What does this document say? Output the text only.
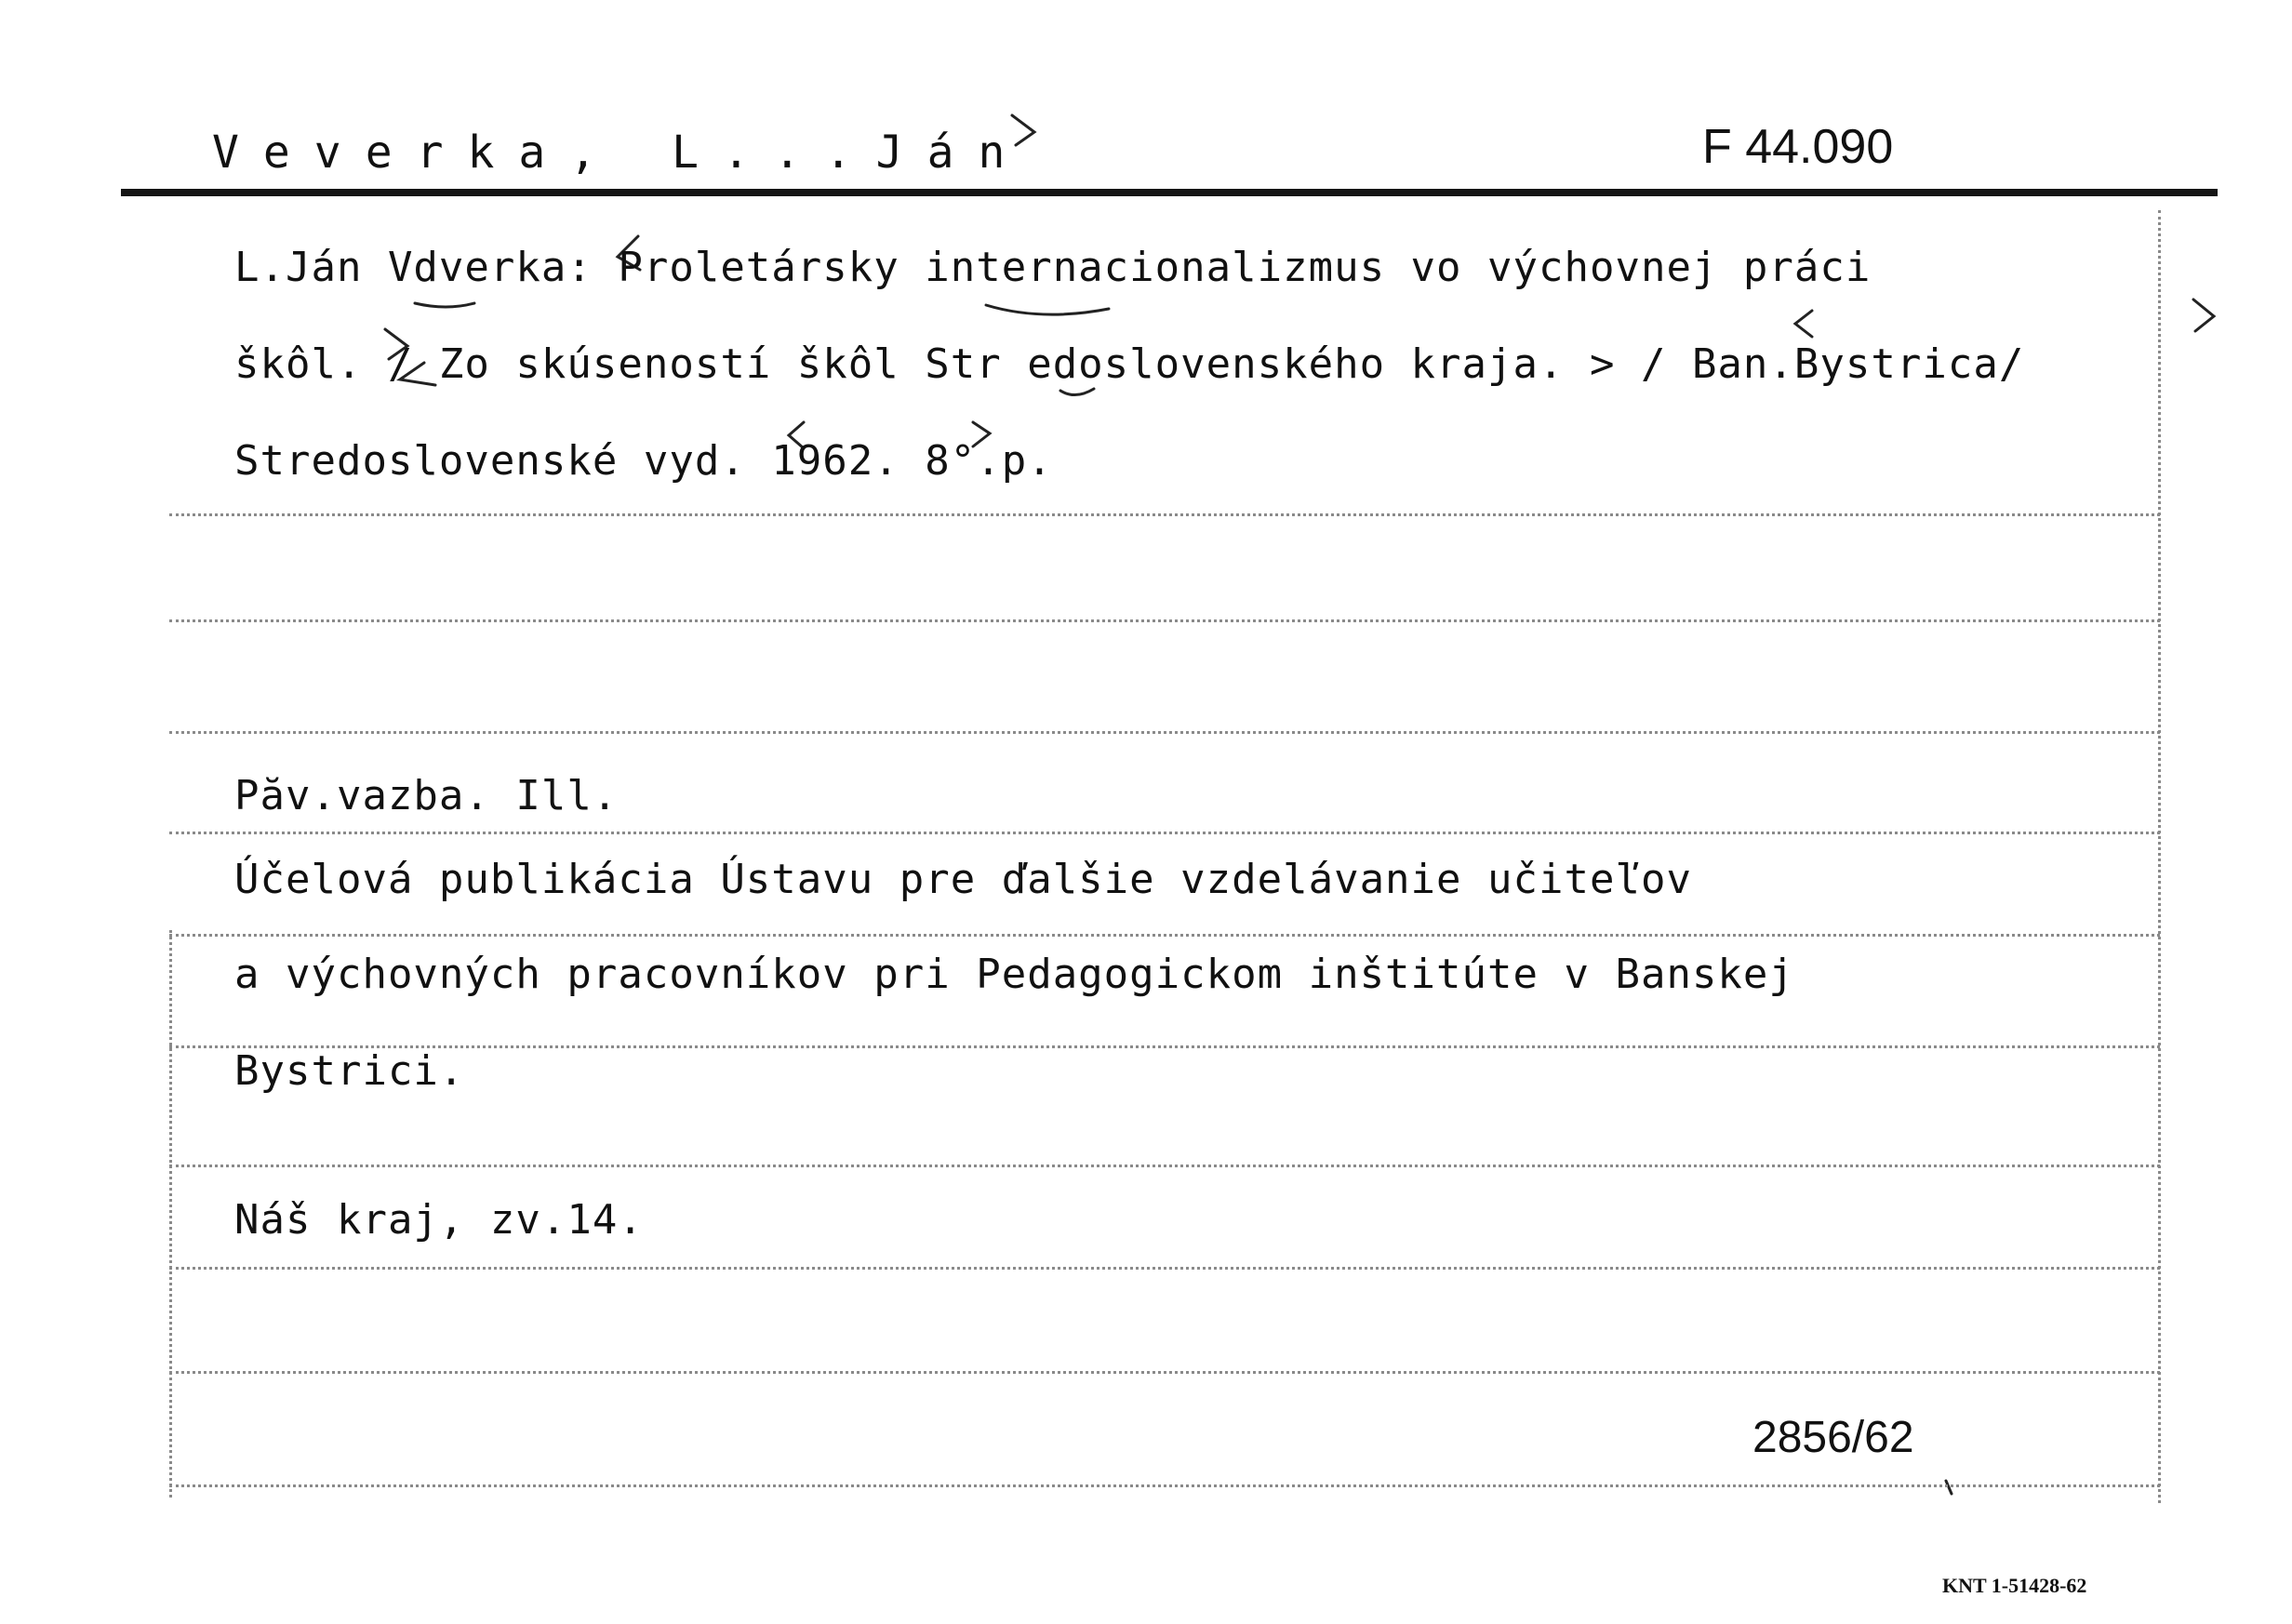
Veverka, L...Ján	F 44.090
L.Ján Vdverka: Proletársky internacionalizmus vo výchovnej práci
škôl. / Zo skúseností škôl Str edoslovenského kraja. > / Ban.Bystrica/
Stredoslovenské vyd. 1962. 8°.p.
Păv.vazba. Ill.
Účelová publikácia Ústavu pre ďalšie vzdelávanie učiteľov
a výchovných pracovníkov pri Pedagogickom inštitúte v Banskej
Bystrici.
Náš kraj, zv.14.
2856/62
KNT 1-51428-62
